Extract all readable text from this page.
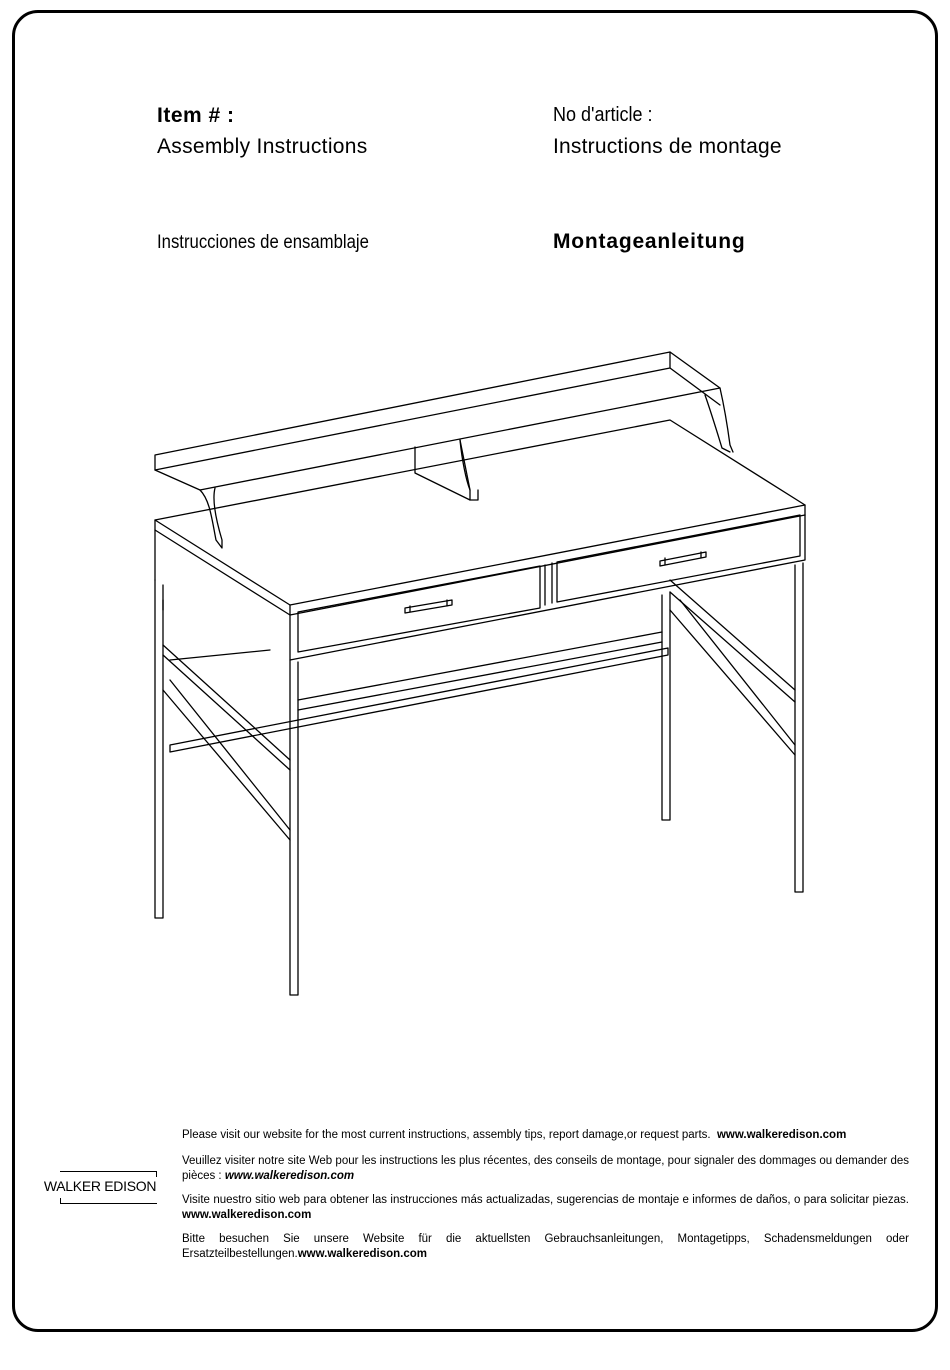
Item # :
Assembly Instructions
No d'article :
Instructions de montage
Instrucciones de ensamblaje	Montageanleitung
WALKER EDISON
Please visit our website for the most current instructions, assembly tips, report damage,or request parts. www.walkeredison.com
Veuillez visiter notre site Web pour les instructions les plus récentes, des conseils de montage, pour signaler des dommages ou demander des pièces : www.walkeredison.com
Visite nuestro sitio web para obtener las instrucciones más actualizadas, sugerencias de montaje e informes de daños, o para solicitar piezas. www.walkeredison.com
Bitte besuchen Sie unsere Website für die aktuellsten Gebrauchsanleitungen, Montagetipps, Schadensmeldungen oder Ersatzteilbestellungen.www.walkeredison.com
